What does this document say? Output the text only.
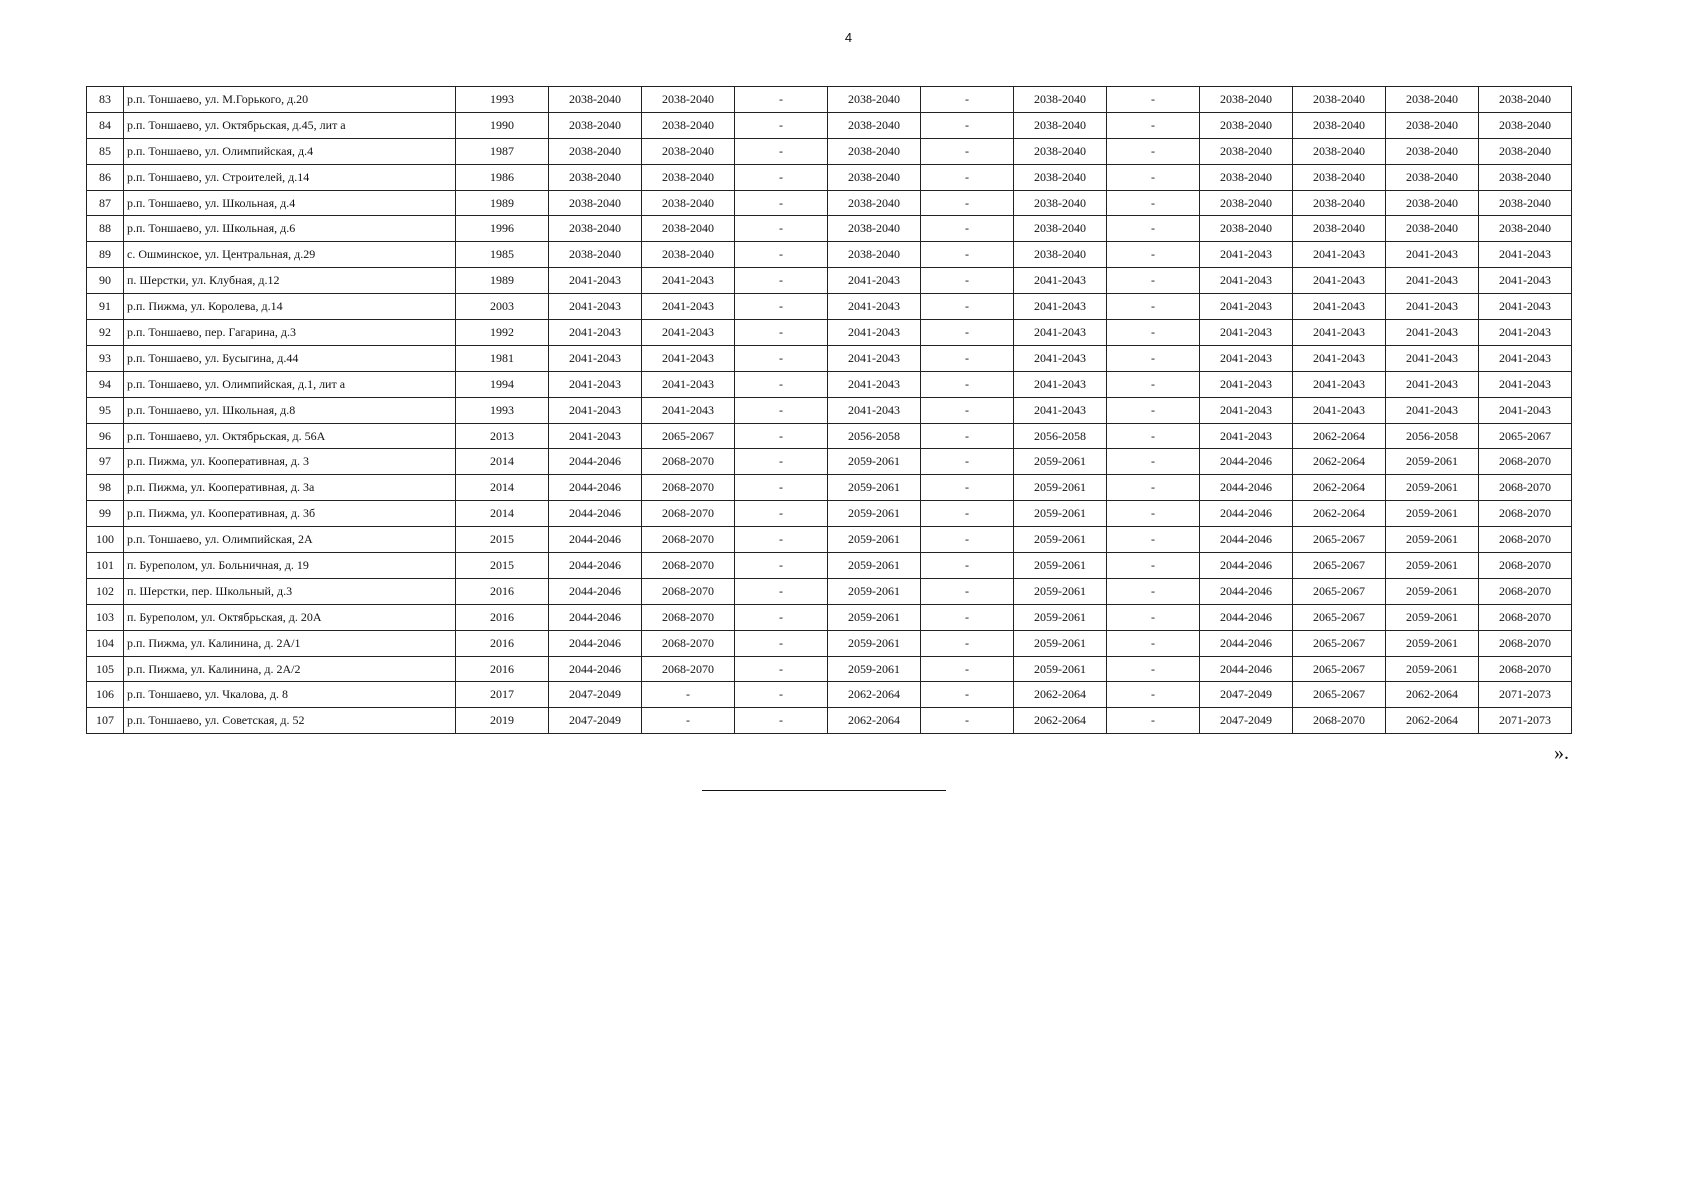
4
83	р.п. Тоншаево, ул. М.Горького, д.20	1993	2038-2040	2038-2040	-	2038-2040	-	2038-2040	-	2038-2040	2038-2040	2038-2040	2038-2040
84	р.п. Тоншаево, ул. Октябрьская, д.45, лит а	1990	2038-2040	2038-2040	-	2038-2040	-	2038-2040	-	2038-2040	2038-2040	2038-2040	2038-2040
85	р.п. Тоншаево, ул. Олимпийская, д.4	1987	2038-2040	2038-2040	-	2038-2040	-	2038-2040	-	2038-2040	2038-2040	2038-2040	2038-2040
86	р.п. Тоншаево, ул. Строителей, д.14	1986	2038-2040	2038-2040	-	2038-2040	-	2038-2040	-	2038-2040	2038-2040	2038-2040	2038-2040
87	р.п. Тоншаево, ул. Школьная, д.4	1989	2038-2040	2038-2040	-	2038-2040	-	2038-2040	-	2038-2040	2038-2040	2038-2040	2038-2040
88	р.п. Тоншаево, ул. Школьная, д.6	1996	2038-2040	2038-2040	-	2038-2040	-	2038-2040	-	2038-2040	2038-2040	2038-2040	2038-2040
89	с. Ошминское, ул. Центральная, д.29	1985	2038-2040	2038-2040	-	2038-2040	-	2038-2040	-	2041-2043	2041-2043	2041-2043	2041-2043
90	п. Шерстки, ул. Клубная, д.12	1989	2041-2043	2041-2043	-	2041-2043	-	2041-2043	-	2041-2043	2041-2043	2041-2043	2041-2043
91	р.п. Пижма, ул. Королева, д.14	2003	2041-2043	2041-2043	-	2041-2043	-	2041-2043	-	2041-2043	2041-2043	2041-2043	2041-2043
92	р.п. Тоншаево, пер. Гагарина, д.3	1992	2041-2043	2041-2043	-	2041-2043	-	2041-2043	-	2041-2043	2041-2043	2041-2043	2041-2043
93	р.п. Тоншаево, ул. Бусыгина, д.44	1981	2041-2043	2041-2043	-	2041-2043	-	2041-2043	-	2041-2043	2041-2043	2041-2043	2041-2043
94	р.п. Тоншаево, ул. Олимпийская, д.1, лит а	1994	2041-2043	2041-2043	-	2041-2043	-	2041-2043	-	2041-2043	2041-2043	2041-2043	2041-2043
95	р.п. Тоншаево, ул. Школьная, д.8	1993	2041-2043	2041-2043	-	2041-2043	-	2041-2043	-	2041-2043	2041-2043	2041-2043	2041-2043
96	р.п. Тоншаево, ул. Октябрьская, д. 56А	2013	2041-2043	2065-2067	-	2056-2058	-	2056-2058	-	2041-2043	2062-2064	2056-2058	2065-2067
97	р.п. Пижма, ул. Кооперативная, д. 3	2014	2044-2046	2068-2070	-	2059-2061	-	2059-2061	-	2044-2046	2062-2064	2059-2061	2068-2070
98	р.п. Пижма, ул. Кооперативная, д. 3а	2014	2044-2046	2068-2070	-	2059-2061	-	2059-2061	-	2044-2046	2062-2064	2059-2061	2068-2070
99	р.п. Пижма, ул. Кооперативная, д. 3б	2014	2044-2046	2068-2070	-	2059-2061	-	2059-2061	-	2044-2046	2062-2064	2059-2061	2068-2070
100	р.п. Тоншаево, ул. Олимпийская, 2А	2015	2044-2046	2068-2070	-	2059-2061	-	2059-2061	-	2044-2046	2065-2067	2059-2061	2068-2070
101	п. Буреполом, ул. Больничная, д. 19	2015	2044-2046	2068-2070	-	2059-2061	-	2059-2061	-	2044-2046	2065-2067	2059-2061	2068-2070
102	п. Шерстки, пер. Школьный, д.3	2016	2044-2046	2068-2070	-	2059-2061	-	2059-2061	-	2044-2046	2065-2067	2059-2061	2068-2070
103	п. Буреполом, ул. Октябрьская, д. 20А	2016	2044-2046	2068-2070	-	2059-2061	-	2059-2061	-	2044-2046	2065-2067	2059-2061	2068-2070
104	р.п. Пижма, ул. Калинина, д. 2А/1	2016	2044-2046	2068-2070	-	2059-2061	-	2059-2061	-	2044-2046	2065-2067	2059-2061	2068-2070
105	р.п. Пижма, ул. Калинина, д. 2А/2	2016	2044-2046	2068-2070	-	2059-2061	-	2059-2061	-	2044-2046	2065-2067	2059-2061	2068-2070
106	р.п. Тоншаево, ул. Чкалова, д. 8	2017	2047-2049	-	-	2062-2064	-	2062-2064	-	2047-2049	2065-2067	2062-2064	2071-2073
107	р.п. Тоншаево, ул. Советская, д. 52	2019	2047-2049	-	-	2062-2064	-	2062-2064	-	2047-2049	2068-2070	2062-2064	2071-2073
».
